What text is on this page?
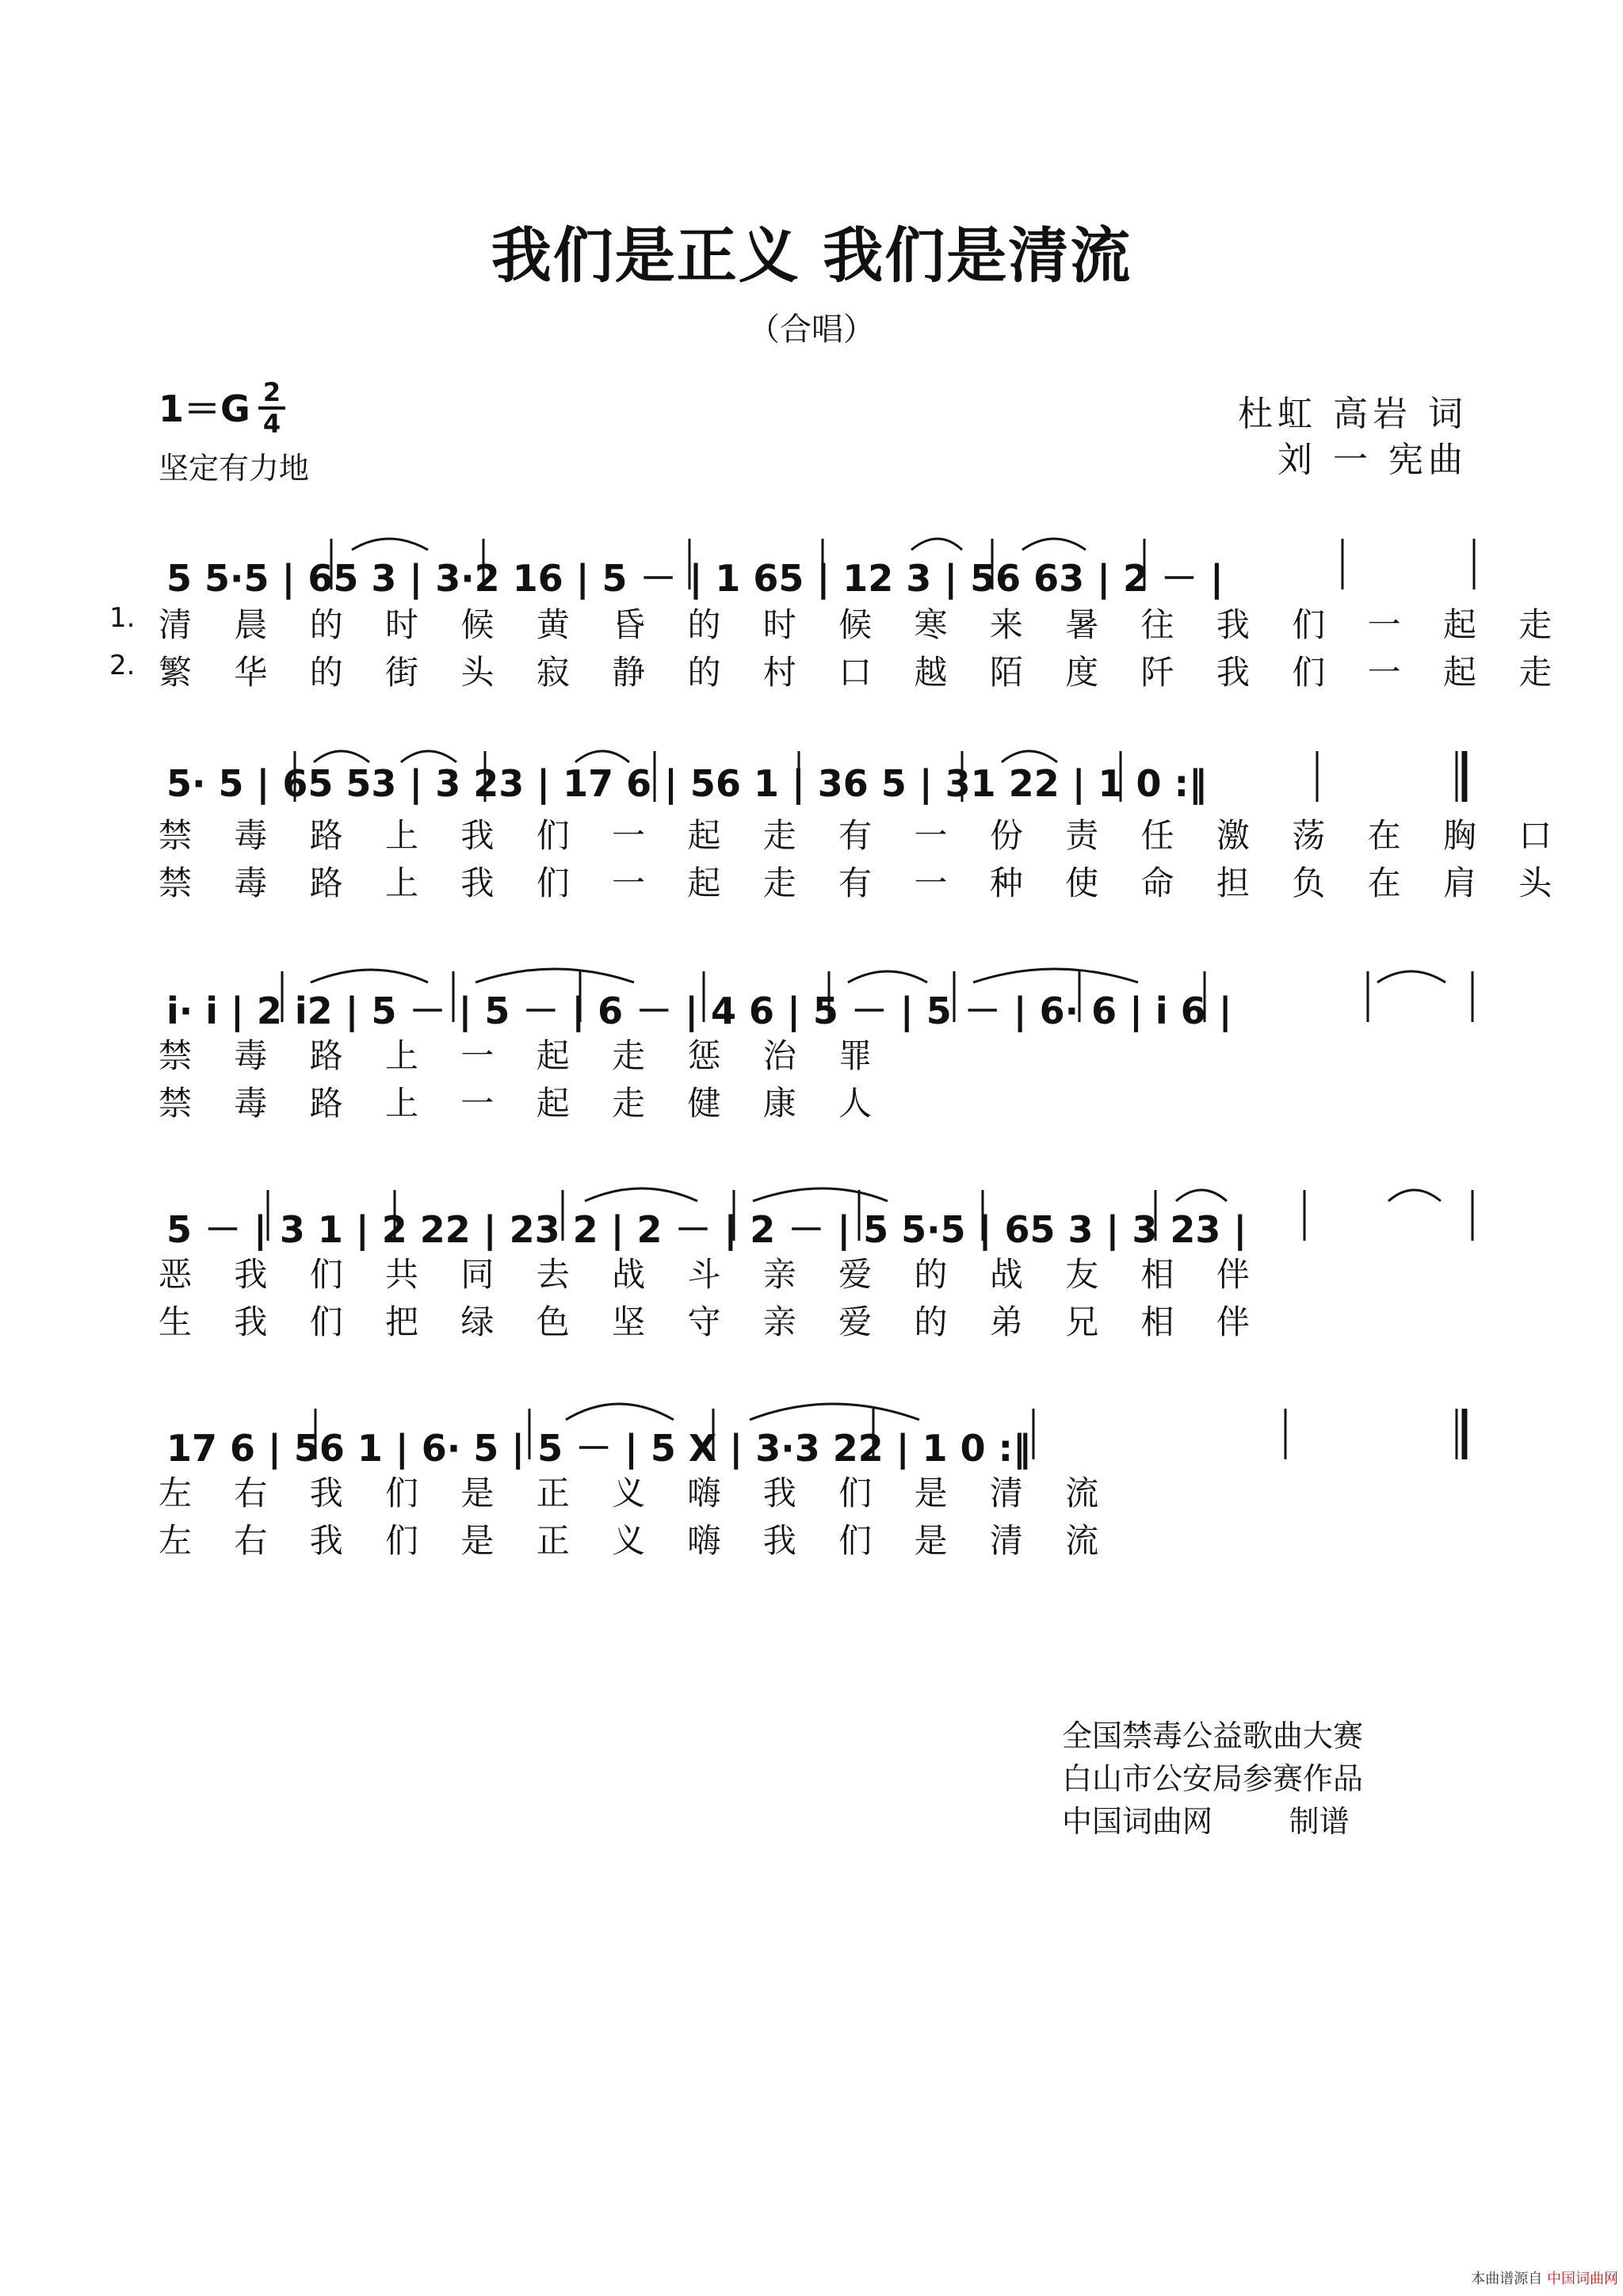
我们是正义 我们是清流
（合唱）
1＝G 2
4
坚定有力地
杜虹 高岩 词
刘 一 宪曲
5 5·5 | 65 3 | 3·2 16 | 5 － | 1 65 | 12 3 | 56 63 | 2 － |
1.
2.
清 晨 的 时 候 黄 昏 的 时 候 寒 来 暑 往 我 们 一 起 走
繁 华 的 街 头 寂 静 的 村 口 越 陌 度 阡 我 们 一 起 走
5· 5 | 65 53 | 3 23 | 17 6 | 56 1 | 36 5 | 31 22 | 1 0 :‖
禁 毒 路 上 我 们 一 起 走 有 一 份 责 任 激 荡 在 胸 口
禁 毒 路 上 我 们 一 起 走 有 一 种 使 命 担 负 在 肩 头
i· i | 2 i2 | 5 － | 5 － | 6 － | 4 6 | 5 － | 5 － | 6· 6 | i 6 |
禁 毒 路 上 一 起 走 惩 治 罪
禁 毒 路 上 一 起 走 健 康 人
5 － | 3 1 | 2 22 | 23 2 | 2 － | 2 － | 5 5·5 | 65 3 | 3 23 |
恶 我 们 共 同 去 战 斗 亲 爱 的 战 友 相 伴
生 我 们 把 绿 色 坚 守 亲 爱 的 弟 兄 相 伴
17 6 | 56 1 | 6· 5 | 5 － | 5 X | 3·3 22 | 1 0 :‖
左 右 我 们 是 正 义 嗨 我 们 是 清 流
左 右 我 们 是 正 义 嗨 我 们 是 清 流
全国禁毒公益歌曲大赛
白山市公安局参赛作品
中国词曲网        制谱
本曲谱源自 中国词曲网
